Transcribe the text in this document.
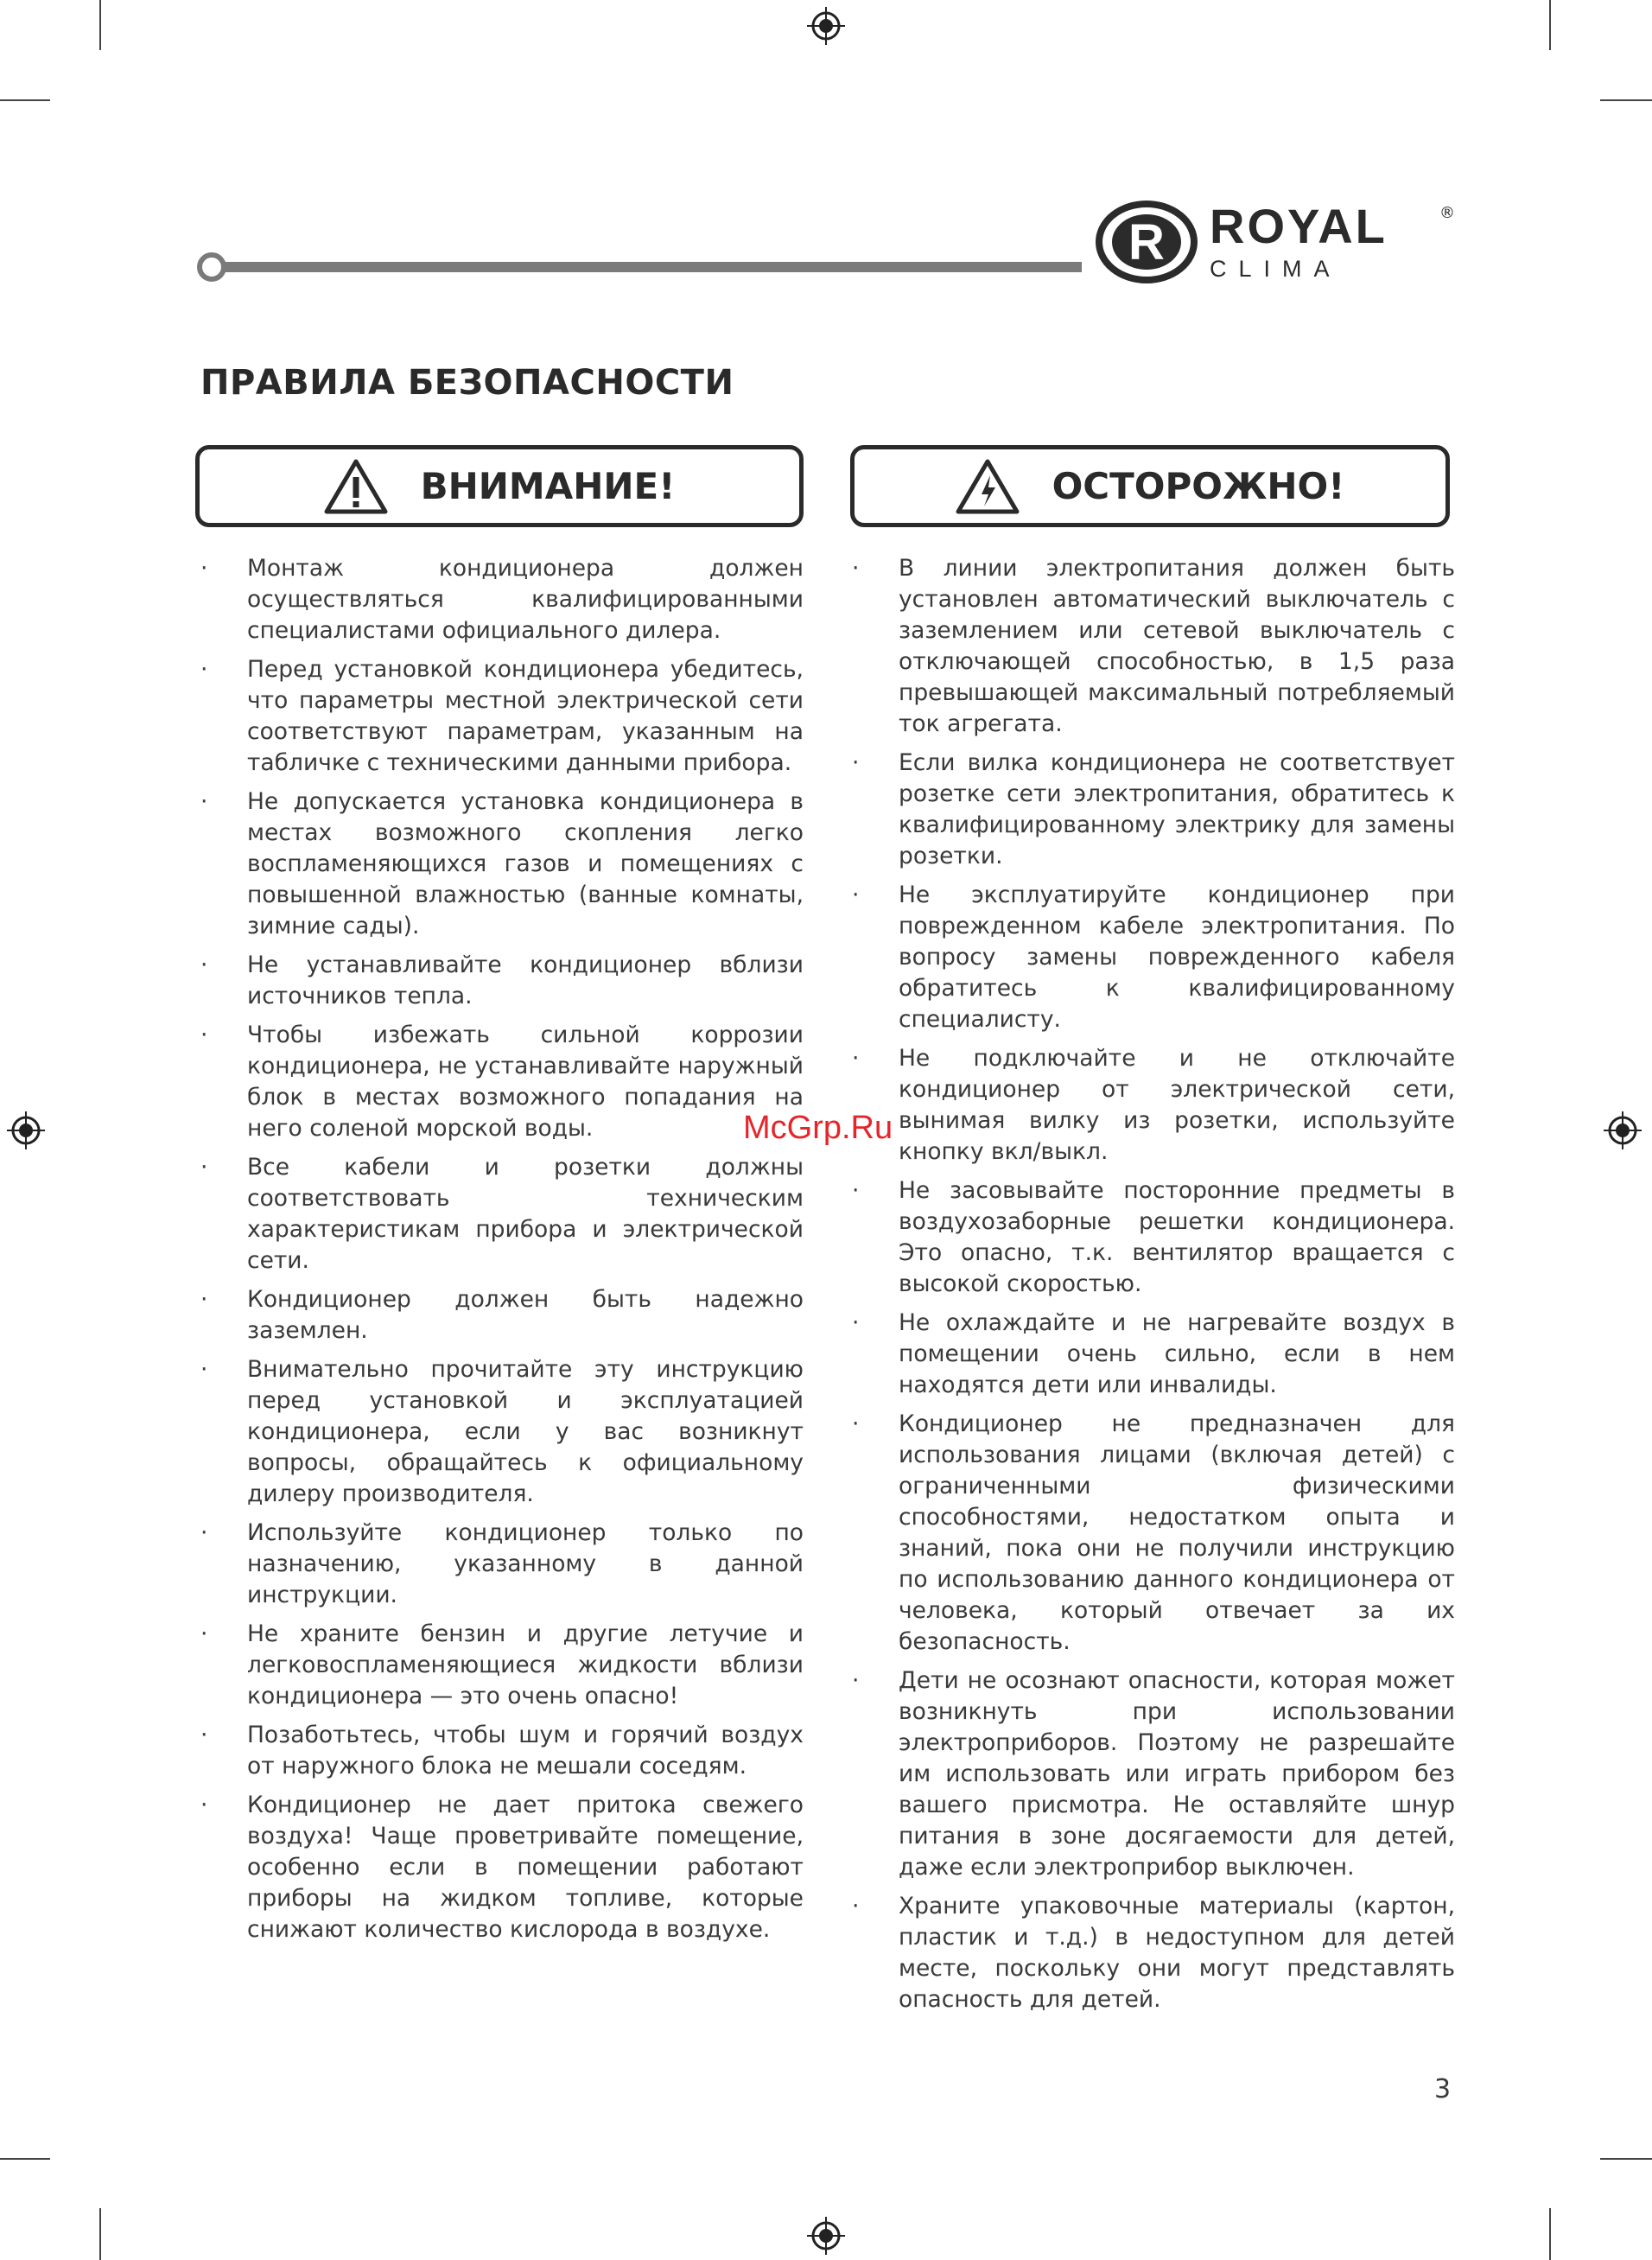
R ROYAL	®
CLIMA
ПРАВИЛА БЕЗОПАСНОСТИ
ВНИМАНИЕ!	ОСТОРОЖНО!
· Монтаж кондиционера должен осуществляться квалифицированными специалистами официального дилера.
· Перед установкой кондиционера убедитесь, что параметры местной электрической сети соответствуют параметрам, указанным на табличке с техническими данными прибора.
· Не допускается установка кондиционера в местах возможного скопления легко воспламеняющихся газов и помещениях с повышенной влажностью (ванные комнаты, зимние сады).
· Не устанавливайте кондиционер вблизи источников тепла.
· Чтобы избежать сильной коррозии кондиционера, не устанавливайте наружный блок в местах возможного попадания на него соленой морской воды.
· Все кабели и розетки должны соответствовать техническим характеристикам прибора и электрической сети.
· Кондиционер должен быть надежно заземлен.
· Внимательно прочитайте эту инструкцию перед установкой и эксплуатацией кондиционера, если у вас возникнут вопросы, обращайтесь к официальному дилеру производителя.
· Используйте кондиционер только по назначению, указанному в данной инструкции.
· Не храните бензин и другие летучие и легковоспламеняющиеся жидкости вблизи кондиционера — это очень опасно!
· Позаботьтесь, чтобы шум и горячий воздух от наружного блока не мешали соседям.
· Кондиционер не дает притока свежего воздуха! Чаще проветривайте помещение, особенно если в помещении работают приборы на жидком топливе, которые снижают количество кислорода в воздухе.
· В линии электропитания должен быть установлен автоматический выключатель с заземлением или сетевой выключатель с отключающей способностью, в 1,5 раза превышающей максимальный потребляемый ток агрегата.
· Если вилка кондиционера не соответствует розетке сети электропитания, обратитесь к квалифицированному электрику для замены розетки.
· Не эксплуатируйте кондиционер при поврежденном кабеле электропитания. По вопросу замены поврежденного кабеля обратитесь к квалифицированному специалисту.
· Не подключайте и не отключайте кондиционер от электрической сети, вынимая вилку из розетки, используйте кнопку вкл/выкл.
· Не засовывайте посторонние предметы в воздухозаборные решетки кондиционера. Это опасно, т.к. вентилятор вращается с высокой скоростью.
· Не охлаждайте и не нагревайте воздух в помещении очень сильно, если в нем находятся дети или инвалиды.
· Кондиционер не предназначен для использования лицами (включая детей) с ограниченными физическими способностями, недостатком опыта и знаний, пока они не получили инструкцию по использованию данного кондиционера от человека, который отвечает за их безопасность.
· Дети не осознают опасности, которая может возникнуть при использовании электроприборов. Поэтому не разрешайте им использовать или играть прибором без вашего присмотра. Не оставляйте шнур питания в зоне досягаемости для детей, даже если электроприбор выключен.
· Храните упаковочные материалы (картон, пластик и т.д.) в недоступном для детей месте, поскольку они могут представлять опасность для детей.
McGrp.Ru
3
